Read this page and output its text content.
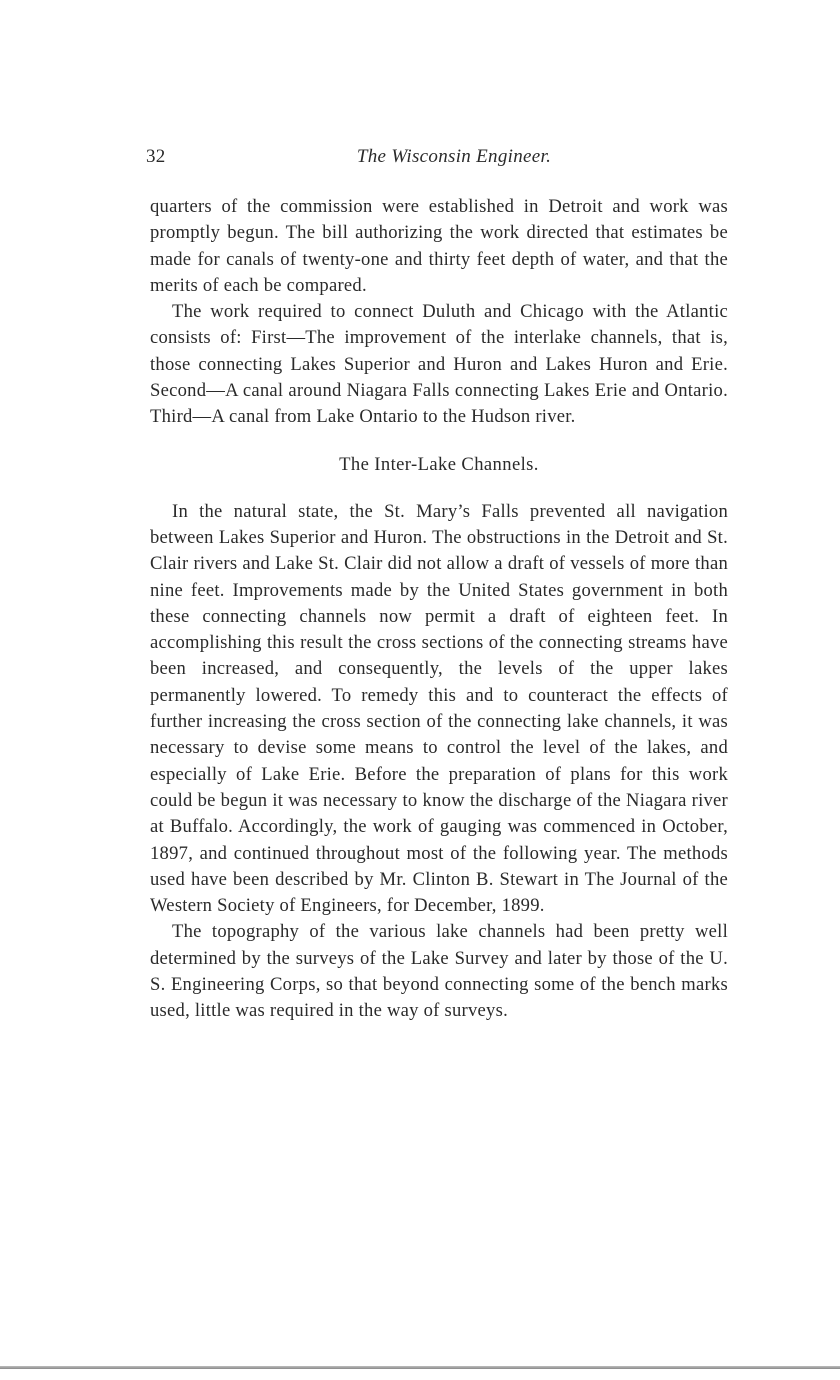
32	The Wisconsin Engineer.

quarters of the commission were established in Detroit and work was promptly begun. The bill authorizing the work directed that estimates be made for canals of twenty-one and thirty feet depth of water, and that the merits of each be compared.

The work required to connect Duluth and Chicago with the Atlantic consists of: First—The improvement of the interlake channels, that is, those connecting Lakes Superior and Huron and Lakes Huron and Erie. Second—A canal around Niagara Falls connecting Lakes Erie and Ontario. Third—A canal from Lake Ontario to the Hudson river.

The Inter-Lake Channels.

In the natural state, the St. Mary’s Falls prevented all navigation between Lakes Superior and Huron. The obstructions in the Detroit and St. Clair rivers and Lake St. Clair did not allow a draft of vessels of more than nine feet. Improvements made by the United States government in both these connecting channels now permit a draft of eighteen feet. In accomplishing this result the cross sections of the connecting streams have been increased, and consequently, the levels of the upper lakes permanently lowered. To remedy this and to counteract the effects of further increasing the cross section of the connecting lake channels, it was necessary to devise some means to control the level of the lakes, and especially of Lake Erie. Before the preparation of plans for this work could be begun it was necessary to know the discharge of the Niagara river at Buffalo. Accordingly, the work of gauging was commenced in October, 1897, and continued throughout most of the following year. The methods used have been described by Mr. Clinton B. Stewart in The Journal of the Western Society of Engineers, for December, 1899.

The topography of the various lake channels had been pretty well determined by the surveys of the Lake Survey and later by those of the U. S. Engineering Corps, so that beyond connecting some of the bench marks used, little was required in the way of surveys.
